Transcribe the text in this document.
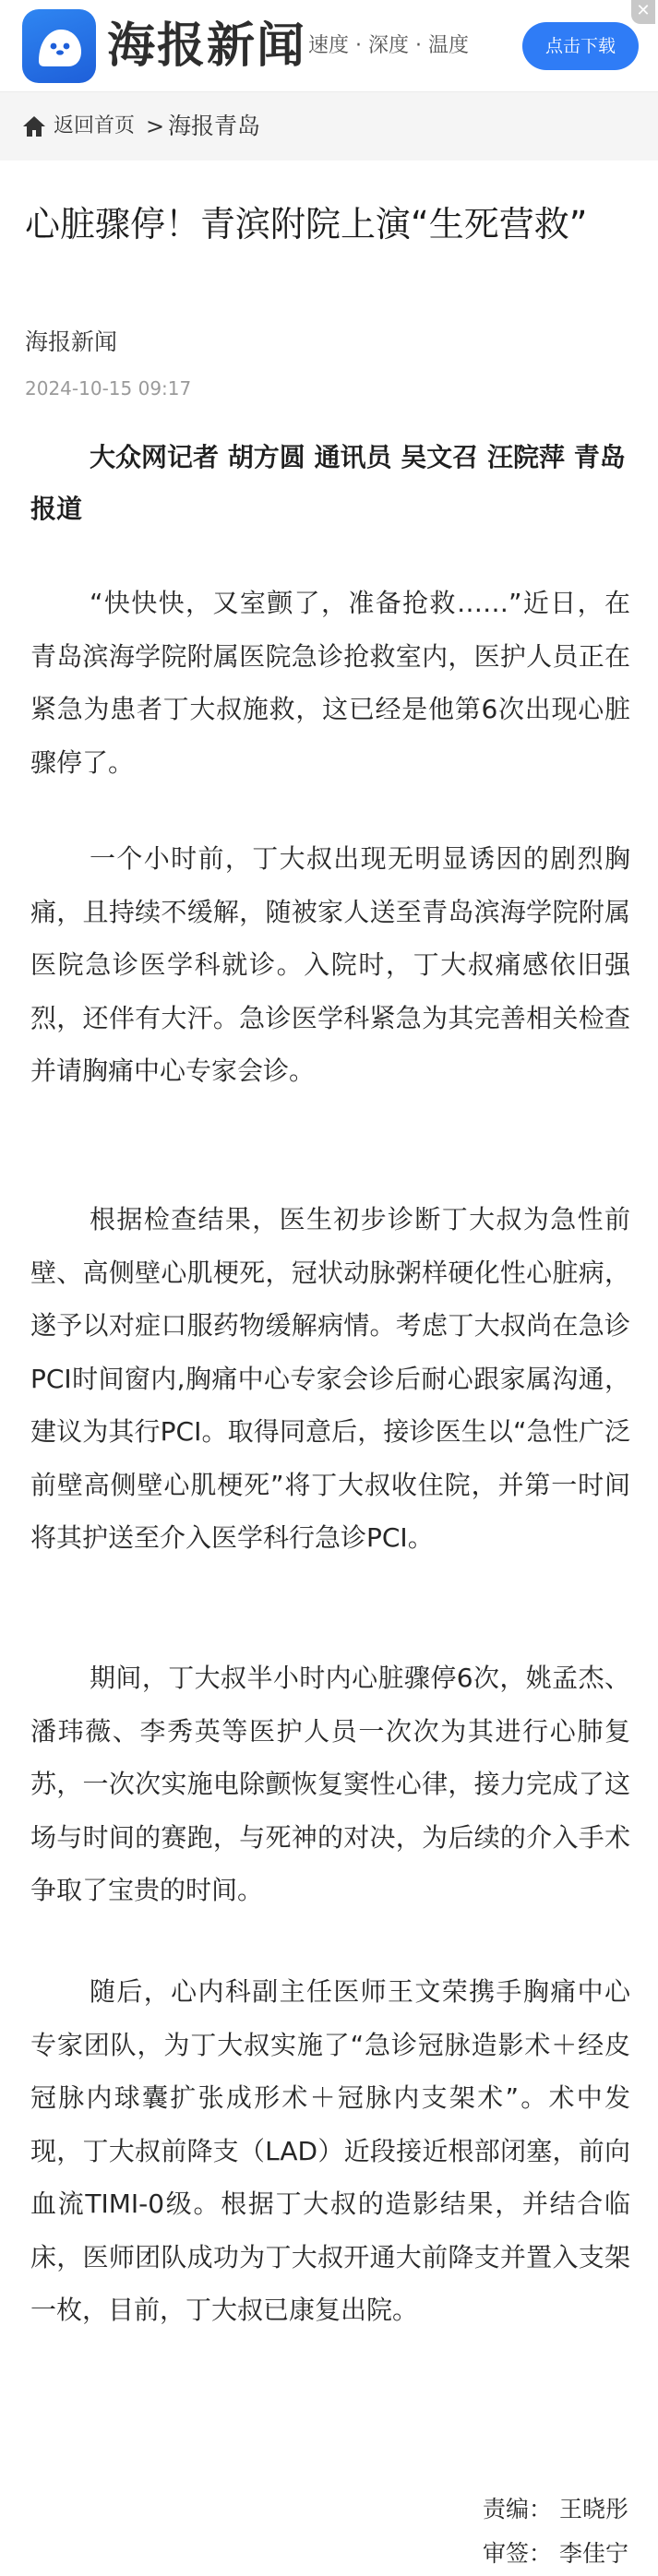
海报新闻 速度 · 深度 · 温度	点击下载
✕
返回首页 > 海报青岛
心脏骤停！青滨附院上演“生死营救”
海报新闻
2024-10-15 09:17

大众网记者 胡方圆 通讯员 吴文召 汪院萍 青岛报道

“快快快，又室颤了，准备抢救……”近日，在青岛滨海学院附属医院急诊抢救室内，医护人员正在紧急为患者丁大叔施救，这已经是他第6次出现心脏骤停了。

一个小时前，丁大叔出现无明显诱因的剧烈胸痛，且持续不缓解，随被家人送至青岛滨海学院附属医院急诊医学科就诊。入院时，丁大叔痛感依旧强烈，还伴有大汗。急诊医学科紧急为其完善相关检查并请胸痛中心专家会诊。

根据检查结果，医生初步诊断丁大叔为急性前壁、高侧壁心肌梗死，冠状动脉粥样硬化性心脏病，遂予以对症口服药物缓解病情。考虑丁大叔尚在急诊PCI时间窗内,胸痛中心专家会诊后耐心跟家属沟通，建议为其行PCI。取得同意后，接诊医生以“急性广泛前壁高侧壁心肌梗死”将丁大叔收住院，并第一时间将其护送至介入医学科行急诊PCI。

期间，丁大叔半小时内心脏骤停6次，姚孟杰、潘玮薇、李秀英等医护人员一次次为其进行心肺复苏，一次次实施电除颤恢复窦性心律，接力完成了这场与时间的赛跑，与死神的对决，为后续的介入手术争取了宝贵的时间。

随后，心内科副主任医师王文荣携手胸痛中心专家团队，为丁大叔实施了“急诊冠脉造影术＋经皮冠脉内球囊扩张成形术＋冠脉内支架术”。术中发现，丁大叔前降支（LAD）近段接近根部闭塞，前向血流TIMI-0级。根据丁大叔的造影结果，并结合临床，医师团队成功为丁大叔开通大前降支并置入支架一枚，目前，丁大叔已康复出院。

责编： 王晓彤
审签： 李佳宁
